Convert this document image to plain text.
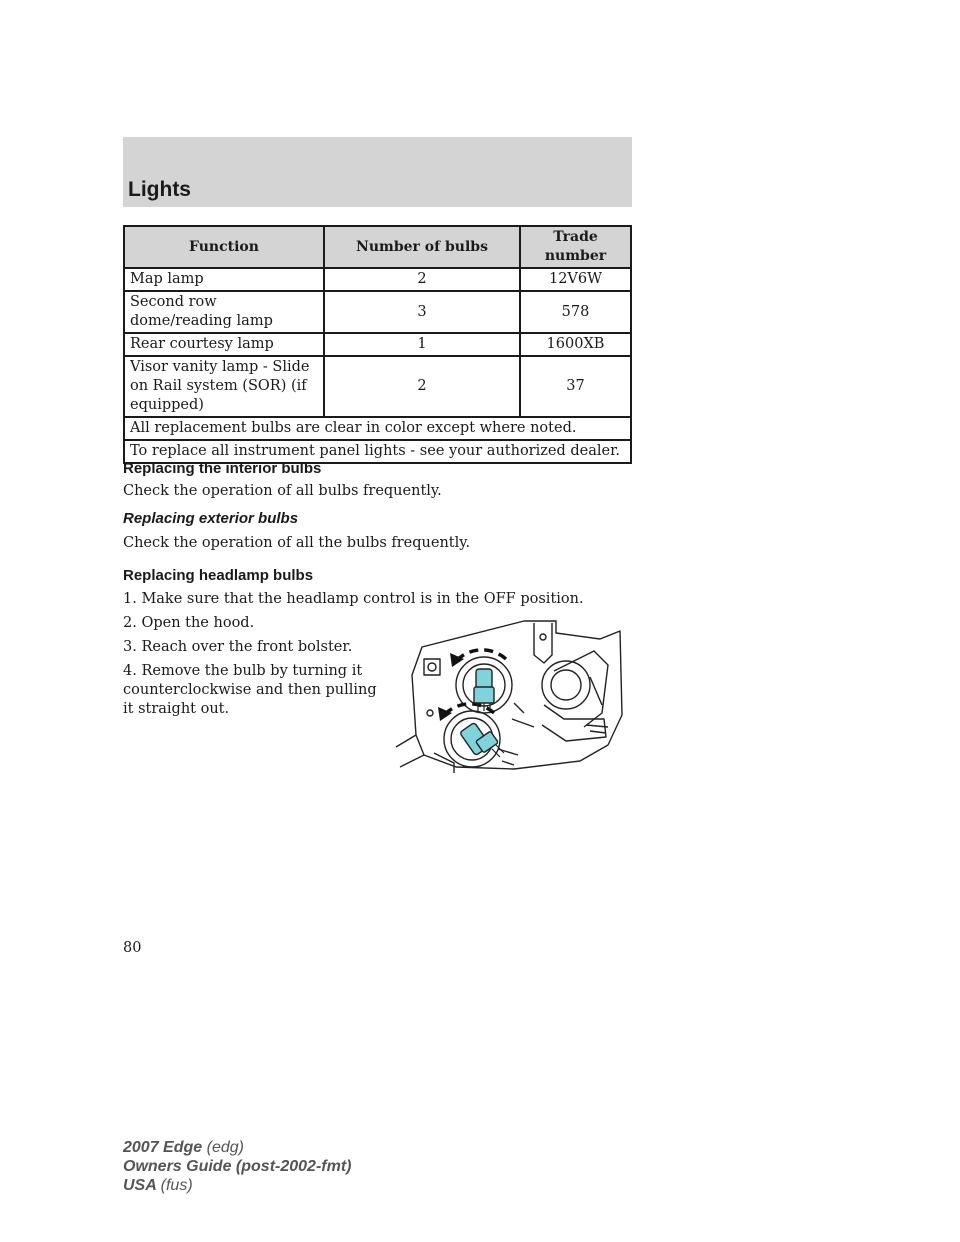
Lights
Function	Number of bulbs	Trade number
Map lamp	2	12V6W
Second row dome/reading lamp	3	578
Rear courtesy lamp	1	1600XB
Visor vanity lamp - Slide on Rail system (SOR) (if equipped)	2	37
All replacement bulbs are clear in color except where noted.		
To replace all instrument panel lights - see your authorized dealer.		
Replacing the interior bulbs
Check the operation of all bulbs frequently.
Replacing exterior bulbs
Check the operation of all the bulbs frequently.
Replacing headlamp bulbs
1. Make sure that the headlamp control is in the OFF position.
2. Open the hood.
3. Reach over the front bolster.
4. Remove the bulb by turning it counterclockwise and then pulling it straight out.
80
2007 Edge (edg)
Owners Guide (post-2002-fmt)
USA (fus)
